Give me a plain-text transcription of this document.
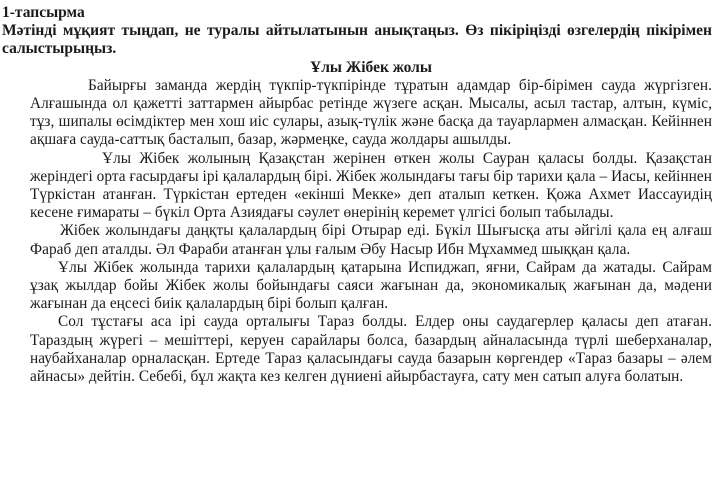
1-тапсырма

Мәтінді мұқият тыңдап, не туралы айтылатынын анықтаңыз. Өз пікіріңізді өзгелердің пікірімен салыстырыңыз.

Ұлы Жібек жолы

Байырғы заманда жердің түкпір-түкпірінде тұратын адамдар бір-бірімен сауда жүргізген. Алғашында ол қажетті заттармен айырбас ретінде жүзеге асқан. Мысалы, асыл тастар, алтын, күміс, тұз, шипалы өсімдіктер мен хош иіс сулары, азық-түлік және басқа да тауарлармен алмасқан. Кейіннен ақшаға сауда-саттық басталып, базар, жәрмеңке, сауда жолдары ашылды.

Ұлы Жібек жолының Қазақстан жерінен өткен жолы Сауран қаласы болды. Қазақстан жеріндегі орта ғасырдағы ірі қалалардың бірі. Жібек жолындағы тағы бір тарихи қала – Иасы, кейіннен Түркістан атанған. Түркістан ертеден «екінші Мекке» деп аталып кеткен. Қожа Ахмет Иассауидің кесене ғимараты – бүкіл Орта Азиядағы сәулет өнерінің керемет үлгісі болып табылады.

Жібек жолындағы даңқты қалалардың бірі Отырар еді. Бүкіл Шығысқа аты әйгілі қала ең алғаш Фараб деп аталды. Әл Фараби атанған ұлы ғалым Әбу Насыр Ибн Мұхаммед шыққан қала.

Ұлы Жібек жолында тарихи қалалардың қатарына Испиджап, яғни, Сайрам да жатады. Сайрам ұзақ жылдар бойы Жібек жолы бойындағы саяси жағынан да, экономикалық жағынан да, мәдени жағынан да еңсесі биік қалалардың бірі болып қалған.

Сол тұстағы аса ірі сауда орталығы Тараз болды. Елдер оны саудагерлер қаласы деп атаған. Тараздың жүрегі – мешіттері, керуен сарайлары болса, базардың айналасында түрлі шеберханалар, наубайханалар орналасқан. Ертеде Тараз қаласындағы сауда базарын көргендер «Тараз базары – әлем айнасы» дейтін. Себебі, бұл жақта кез келген дүниені айырбастауға, сату мен сатып алуға болатын.
